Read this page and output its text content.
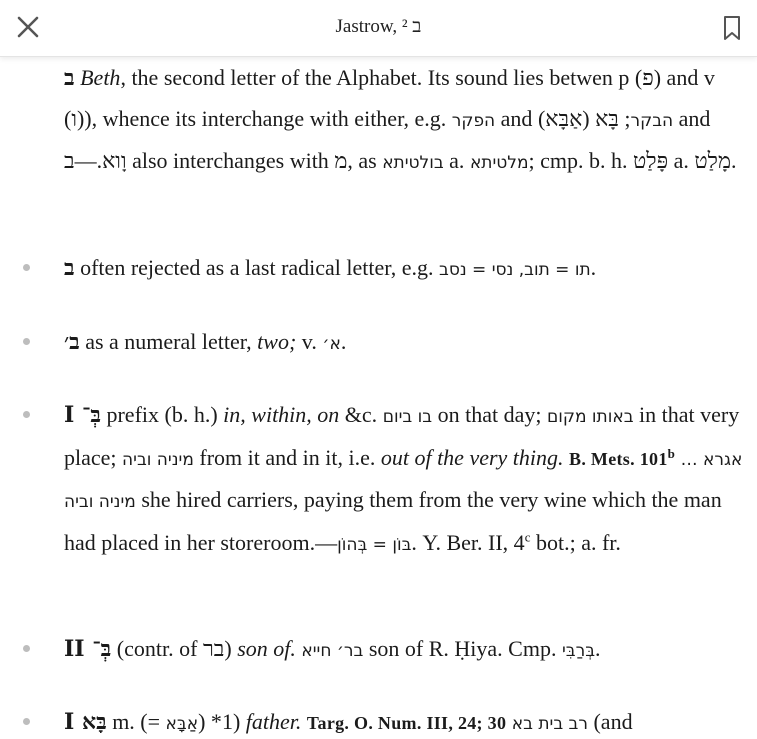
Jastrow, ² ב
ב Beth, the second letter of the Alphabet. Its sound lies betwen p (פ) and v (ו)), whence its interchange with either, e.g. הפקר and	הבקר; בָּא (אַבָּא) and וָוא.—ב	also interchanges with מ, as בולטיתא a. מלטיתא; cmp. b. h. פָּלַט a. מָלַט.
ב often rejected as a last radical letter, e.g. תו = תוב, נסי = נסב.
ב׳ as a numeral letter, two; v. א׳.
I בְּ־ prefix (b. h.) in, within, on &c. בו ביום on that day; באותו מקום in that very place; מיניה וביה from it and in it, i.e. out of the very thing. B. Mets. 101$^b$ אגרא … מיניה וביה she hired carriers, paying them from the very wine which the man had placed in her storeroom.—בּוֹן = בְּהוֹן. Y. Ber. II, 4$^c$ bot.; a. fr.
II בְּ־ (contr. of בר) son of. בר׳ חייא son of R. Ḥiya. Cmp. בְּרַבִּי.
I בָּא m. (= אַבָּא) *1) father. Targ. O. Num. III, 24; 30 רב בית בא (and
